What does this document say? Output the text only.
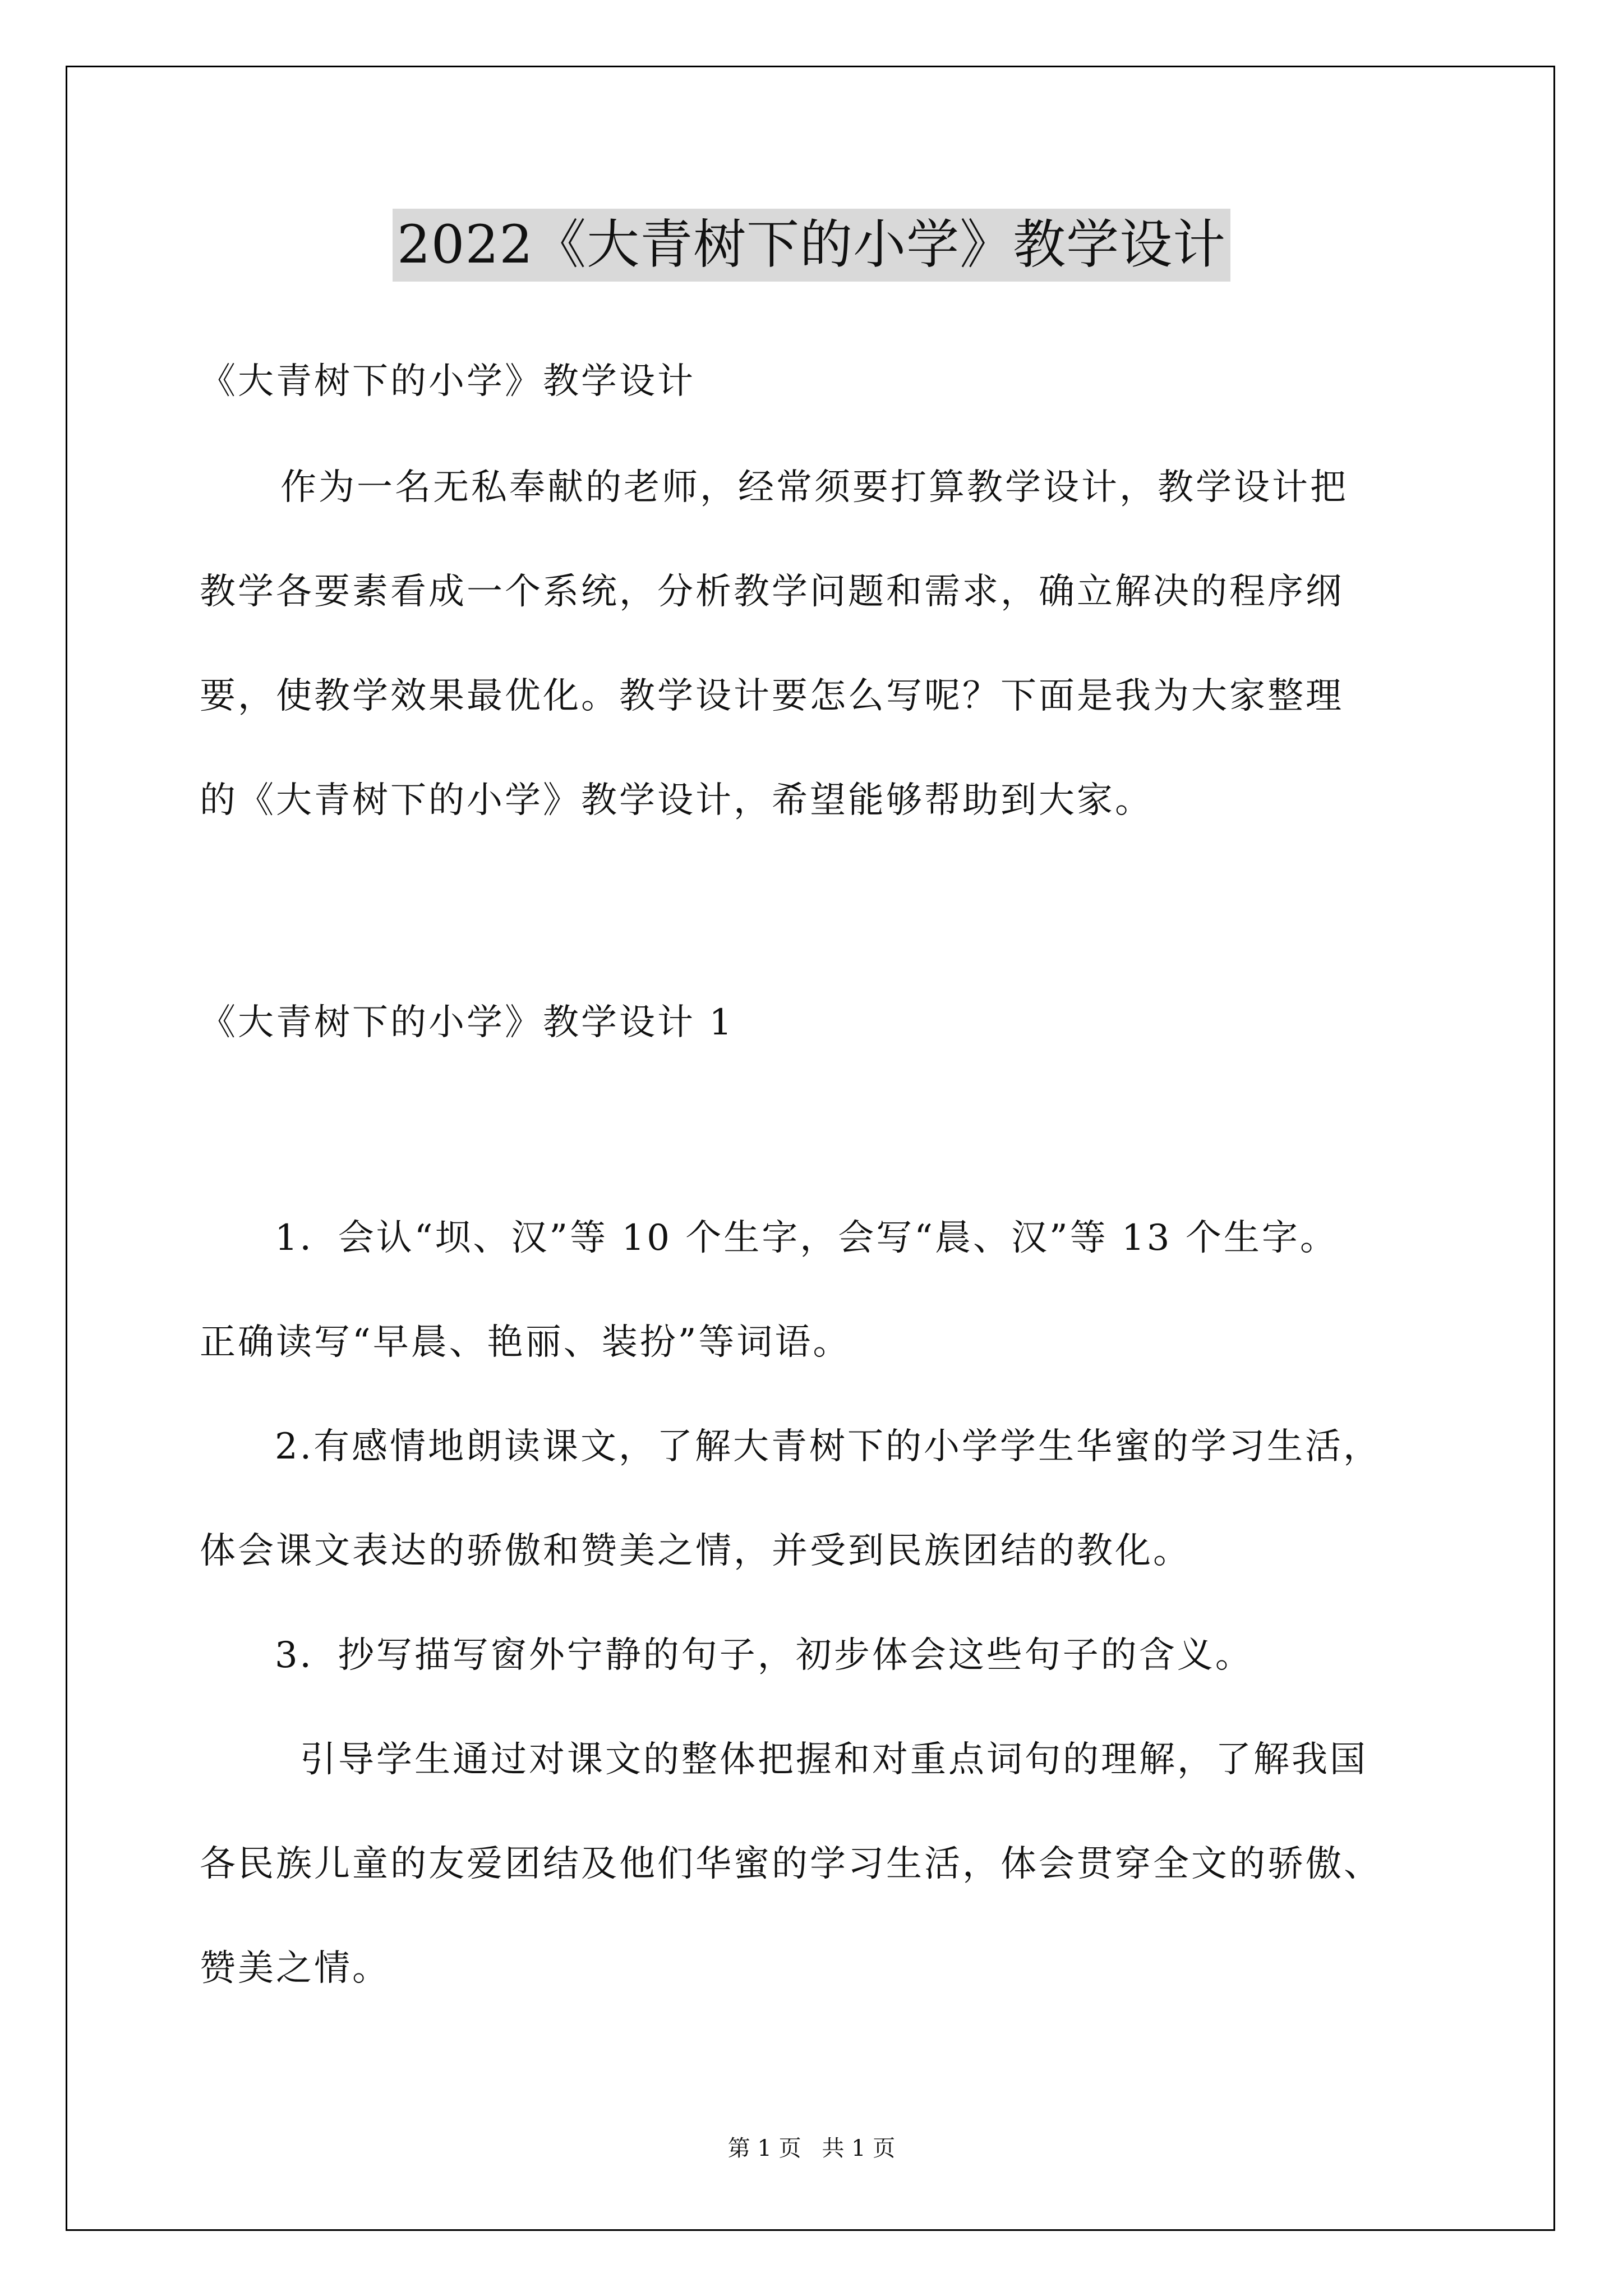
2022《大青树下的小学》教学设计
《大青树下的小学》教学设计
作为一名无私奉献的老师，经常须要打算教学设计，教学设计把
教学各要素看成一个系统，分析教学问题和需求，确立解决的程序纲
要，使教学效果最优化。教学设计要怎么写呢？下面是我为大家整理
的《大青树下的小学》教学设计，希望能够帮助到大家。
《大青树下的小学》教学设计 1
1．会认“坝、汉”等 10 个生字，会写“晨、汉”等 13 个生字。
正确读写“早晨、艳丽、装扮”等词语。
2.有感情地朗读课文，了解大青树下的小学学生华蜜的学习生活，
体会课文表达的骄傲和赞美之情，并受到民族团结的教化。
3．抄写描写窗外宁静的句子，初步体会这些句子的含义。
引导学生通过对课文的整体把握和对重点词句的理解，了解我国
各民族儿童的友爱团结及他们华蜜的学习生活，体会贯穿全文的骄傲、
赞美之情。
第 1 页 共 1 页
